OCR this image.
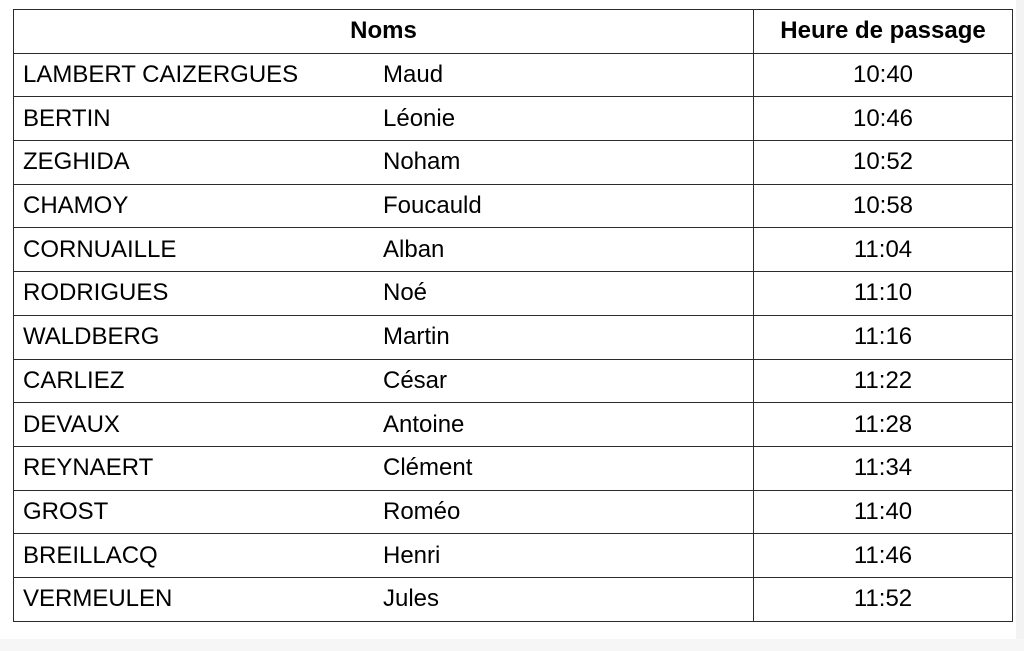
Noms	Heure de passage

LAMBERT CAIZERGUES Maud	10:40

BERTIN Léonie	10:46

ZEGHIDA Noham	10:52

CHAMOY Foucauld	10:58

CORNUAILLE Alban	11:04

RODRIGUES Noé	11:10

WALDBERG Martin	11:16

CARLIEZ César	11:22

DEVAUX Antoine	11:28

REYNAERT Clément	11:34

GROST Roméo	11:40

BREILLACQ Henri	11:46

VERMEULEN Jules	11:52
